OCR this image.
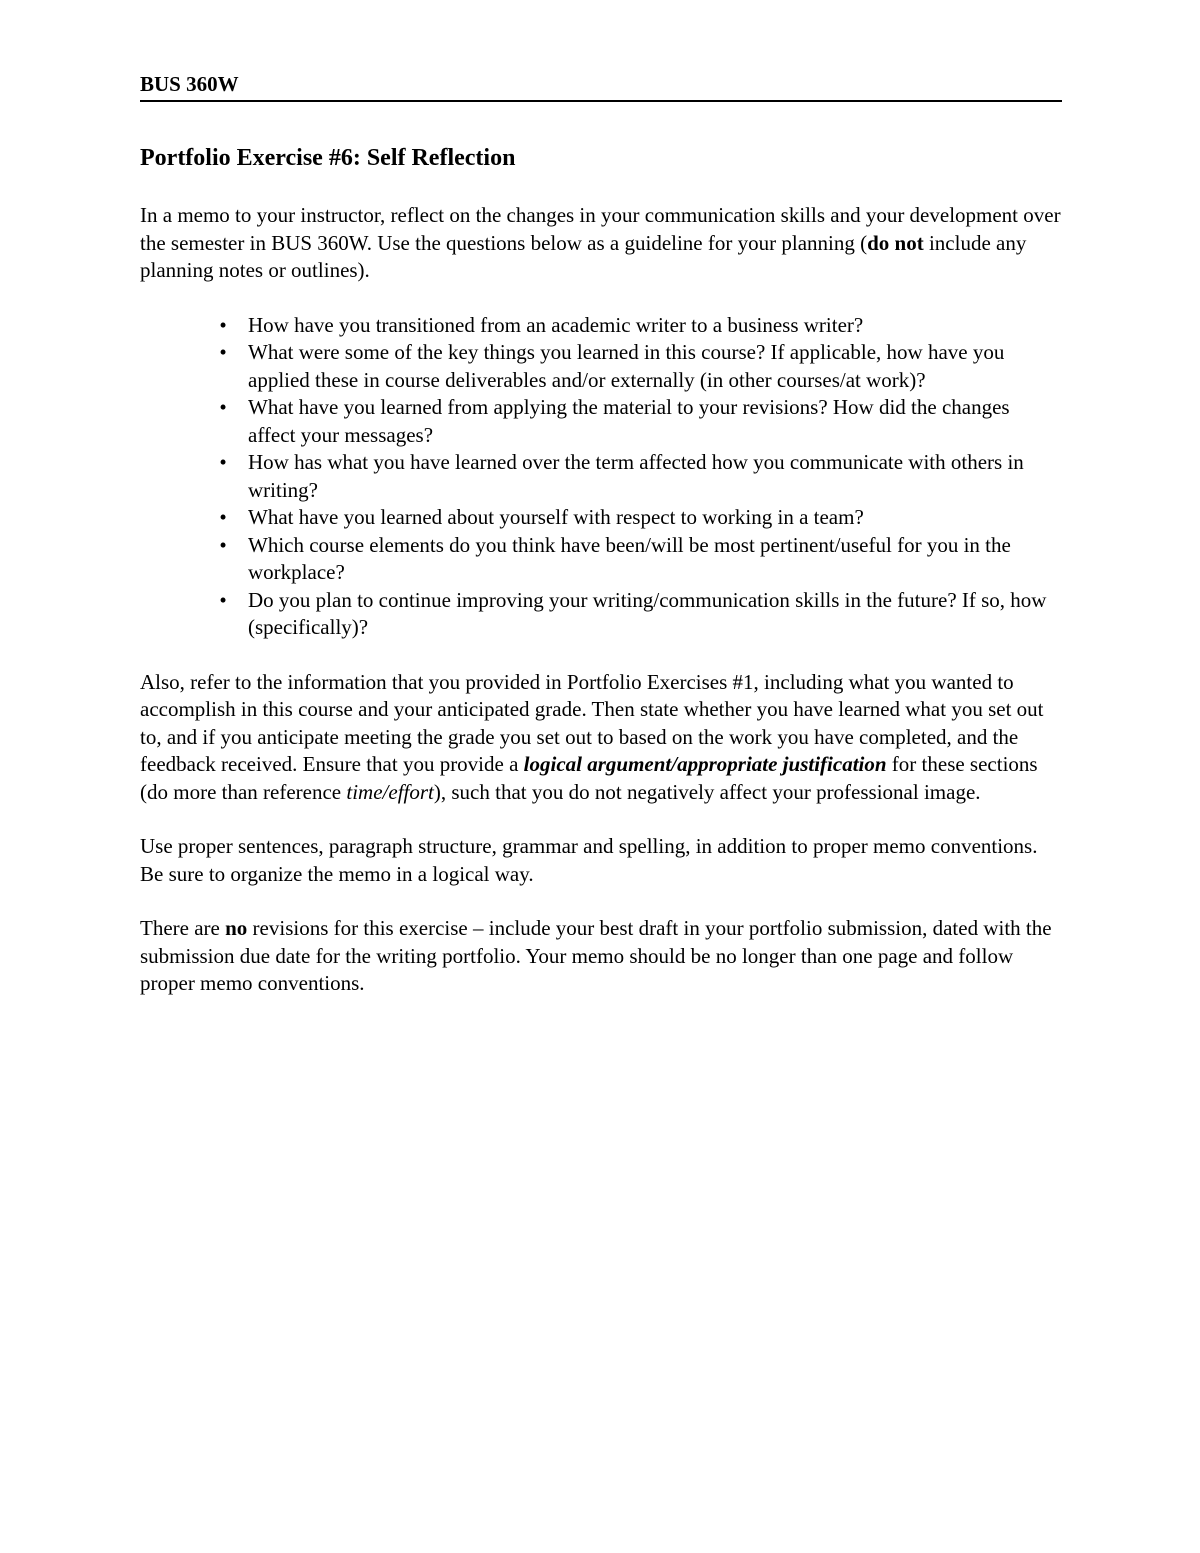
BUS 360W
Portfolio Exercise #6: Self Reflection

In a memo to your instructor, reflect on the changes in your communication skills and your development over the semester in BUS 360W. Use the questions below as a guideline for your planning (do not include any planning notes or outlines).

•	How have you transitioned from an academic writer to a business writer?
•	What were some of the key things you learned in this course? If applicable, how have you applied these in course deliverables and/or externally (in other courses/at work)?
•	What have you learned from applying the material to your revisions? How did the changes affect your messages?
•	How has what you have learned over the term affected how you communicate with others in writing?
•	What have you learned about yourself with respect to working in a team?
•	Which course elements do you think have been/will be most pertinent/useful for you in the workplace?
•	Do you plan to continue improving your writing/communication skills in the future? If so, how (specifically)?

Also, refer to the information that you provided in Portfolio Exercises #1, including what you wanted to accomplish in this course and your anticipated grade. Then state whether you have learned what you set out to, and if you anticipate meeting the grade you set out to based on the work you have completed, and the feedback received. Ensure that you provide a logical argument/appropriate justification for these sections (do more than reference time/effort), such that you do not negatively affect your professional image.

Use proper sentences, paragraph structure, grammar and spelling, in addition to proper memo conventions. Be sure to organize the memo in a logical way.

There are no revisions for this exercise – include your best draft in your portfolio submission, dated with the submission due date for the writing portfolio. Your memo should be no longer than one page and follow proper memo conventions.
